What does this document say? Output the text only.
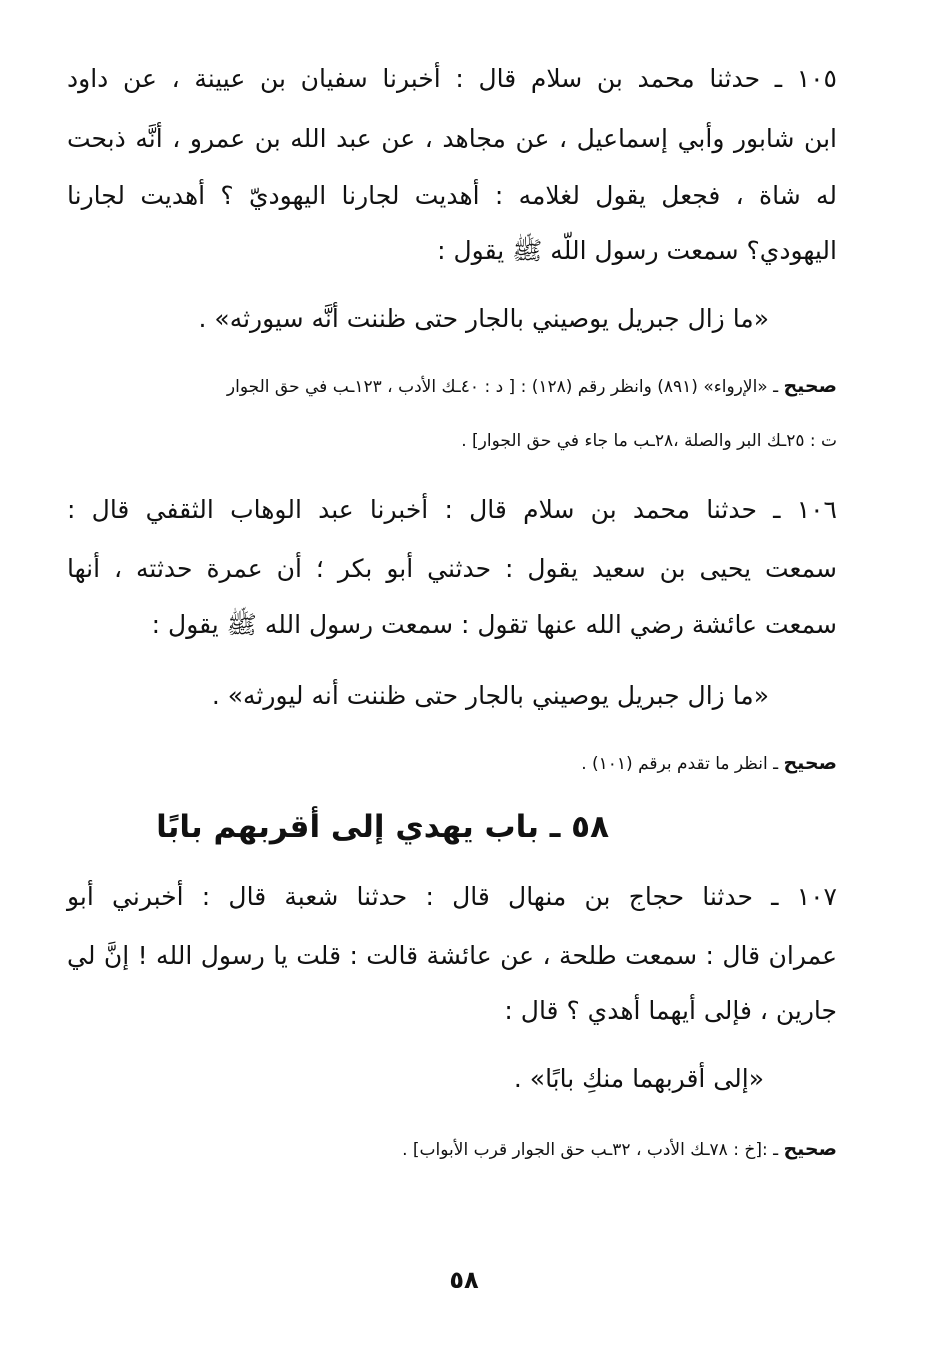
١٠٥ ـ حدثنا محمد بن سلام قال : أخبرنا سفيان بن عيينة ، عن داود
ابن شابور وأبي إسماعيل ، عن مجاهد ، عن عبد الله بن عمرو ، أنَّه ذبحت
له شاة ، فجعل يقول لغلامه : أهديت لجارنا اليهوديّ ؟ أهديت لجارنا
اليهودي؟ سمعت رسول اللّه ﷺ يقول :
«ما زال جبريل يوصيني بالجار حتى ظننت أنَّه سيورثه» .
صحيح ـ «الإرواء» (٨٩١) وانظر رقم (١٢٨) : [ د : ٤٠ـك الأدب ، ١٢٣ـب في حق الجوار
ت : ٢٥ـك البر والصلة ،٢٨ـب ما جاء في حق الجوار] .
١٠٦ ـ حدثنا محمد بن سلام قال : أخبرنا عبد الوهاب الثقفي قال :
سمعت يحيى بن سعيد يقول : حدثني أبو بكر ؛ أن عمرة حدثته ، أنها
سمعت عائشة رضي الله عنها تقول : سمعت رسول الله ﷺ يقول :
«ما زال جبريل يوصيني بالجار حتى ظننت أنه ليورثه» .
صحيح ـ انظر ما تقدم برقم (١٠١) .
٥٨ ـ باب يهدي إلى أقربهم بابًا
١٠٧ ـ حدثنا حجاج بن منهال قال : حدثنا شعبة قال : أخبرني أبو
عمران قال : سمعت طلحة ، عن عائشة قالت : قلت يا رسول الله ! إنَّ لي
جارين ، فإلى أيهما أهدي ؟ قال :
«إلى أقربهما منكِ بابًا» .
صحيح ـ :[خ : ٧٨ـك الأدب ، ٣٢ـب حق الجوار قرب الأبواب] .
٥٨
